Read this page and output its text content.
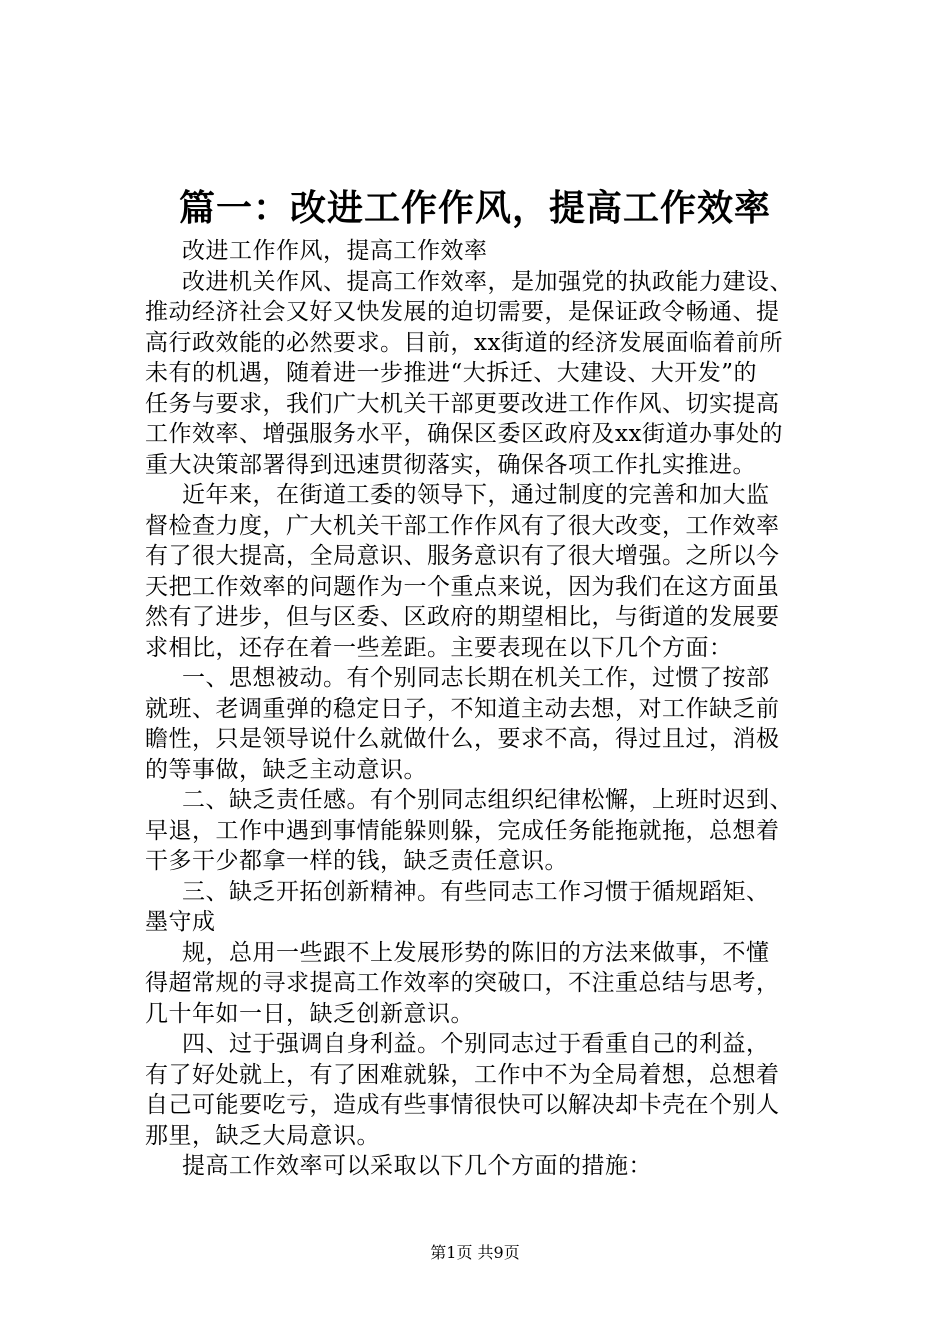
篇一：改进工作作风，提高工作效率
改进工作作风，提高工作效率
改进机关作风、提高工作效率，是加强党的执政能力建设、
推动经济社会又好又快发展的迫切需要，是保证政令畅通、提
高行政效能的必然要求。目前，xx街道的经济发展面临着前所
未有的机遇，随着进一步推进“大拆迁、大建设、大开发”的
任务与要求，我们广大机关干部更要改进工作作风、切实提高
工作效率、增强服务水平，确保区委区政府及xx街道办事处的
重大决策部署得到迅速贯彻落实，确保各项工作扎实推进。
近年来，在街道工委的领导下，通过制度的完善和加大监
督检查力度，广大机关干部工作作风有了很大改变，工作效率
有了很大提高，全局意识、服务意识有了很大增强。之所以今
天把工作效率的问题作为一个重点来说，因为我们在这方面虽
然有了进步，但与区委、区政府的期望相比，与街道的发展要
求相比，还存在着一些差距。主要表现在以下几个方面：
一、思想被动。有个别同志长期在机关工作，过惯了按部
就班、老调重弹的稳定日子，不知道主动去想，对工作缺乏前
瞻性，只是领导说什么就做什么，要求不高，得过且过，消极
的等事做，缺乏主动意识。
二、缺乏责任感。有个别同志组织纪律松懈，上班时迟到、
早退，工作中遇到事情能躲则躲，完成任务能拖就拖，总想着
干多干少都拿一样的钱，缺乏责任意识。
三、缺乏开拓创新精神。有些同志工作习惯于循规蹈矩、
墨守成
规，总用一些跟不上发展形势的陈旧的方法来做事，不懂
得超常规的寻求提高工作效率的突破口，不注重总结与思考，
几十年如一日，缺乏创新意识。
四、过于强调自身利益。个别同志过于看重自己的利益，
有了好处就上，有了困难就躲，工作中不为全局着想，总想着
自己可能要吃亏，造成有些事情很快可以解决却卡壳在个别人
那里，缺乏大局意识。
提高工作效率可以采取以下几个方面的措施：
第1页 共9页
